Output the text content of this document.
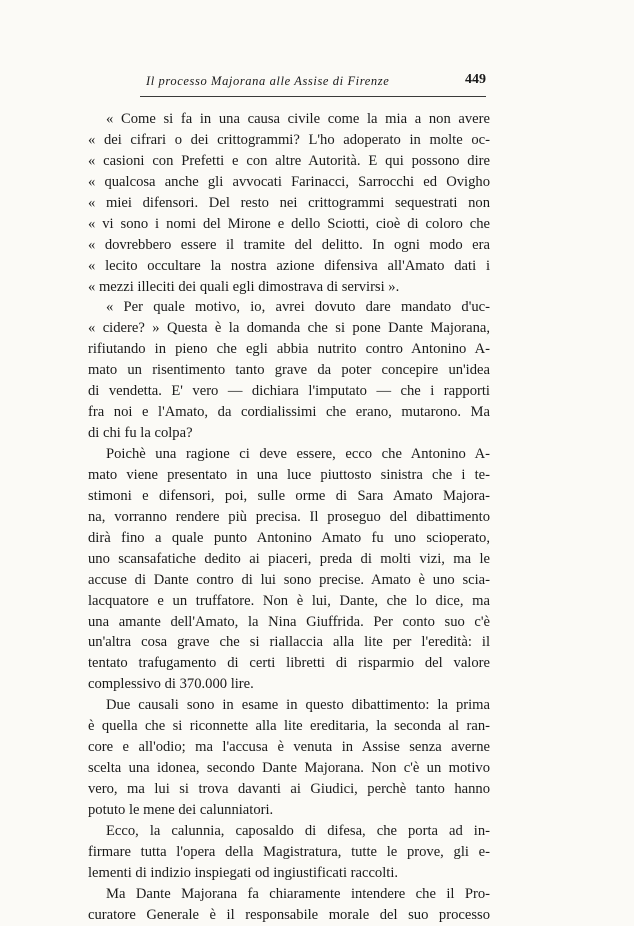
Il processo Majorana alle Assise di Firenze	449
« Come si fa in una causa civile come la mia a non avere
« dei cifrari o dei crittogrammi? L'ho adoperato in molte oc-
« casioni con Prefetti e con altre Autorità. E qui possono dire
« qualcosa anche gli avvocati Farinacci, Sarrocchi ed Ovigho
« miei difensori. Del resto nei crittogrammi sequestrati non
« vi sono i nomi del Mirone e dello Sciotti, cioè di coloro che
« dovrebbero essere il tramite del delitto. In ogni modo era
« lecito occultare la nostra azione difensiva all'Amato dati i
« mezzi illeciti dei quali egli dimostrava di servirsi ».
« Per quale motivo, io, avrei dovuto dare mandato d'uc-
« cidere? » Questa è la domanda che si pone Dante Majorana,
rifiutando in pieno che egli abbia nutrito contro Antonino A-
mato un risentimento tanto grave da poter concepire un'idea
di vendetta. E' vero — dichiara l'imputato — che i rapporti
fra noi e l'Amato, da cordialissimi che erano, mutarono. Ma
di chi fu la colpa?
Poichè una ragione ci deve essere, ecco che Antonino A-
mato viene presentato in una luce piuttosto sinistra che i te-
stimoni e difensori, poi, sulle orme di Sara Amato Majora-
na, vorranno rendere più precisa. Il proseguo del dibattimento
dirà fino a quale punto Antonino Amato fu uno scioperato,
uno scansafatiche dedito ai piaceri, preda di molti vizi, ma le
accuse di Dante contro di lui sono precise. Amato è uno scia-
lacquatore e un truffatore. Non è lui, Dante, che lo dice, ma
una amante dell'Amato, la Nina Giuffrida. Per conto suo c'è
un'altra cosa grave che si riallaccia alla lite per l'eredità: il
tentato trafugamento di certi libretti di risparmio del valore
complessivo di 370.000 lire.
Due causali sono in esame in questo dibattimento: la prima
è quella che si riconnette alla lite ereditaria, la seconda al ran-
core e all'odio; ma l'accusa è venuta in Assise senza averne
scelta una idonea, secondo Dante Majorana. Non c'è un motivo
vero, ma lui si trova davanti ai Giudici, perchè tanto hanno
potuto le mene dei calunniatori.
Ecco, la calunnia, caposaldo di difesa, che porta ad in-
firmare tutta l'opera della Magistratura, tutte le prove, gli e-
lementi di indizio inspiegati od ingiustificati raccolti.
Ma Dante Majorana fa chiaramente intendere che il Pro-
curatore Generale è il responsabile morale del suo processo
